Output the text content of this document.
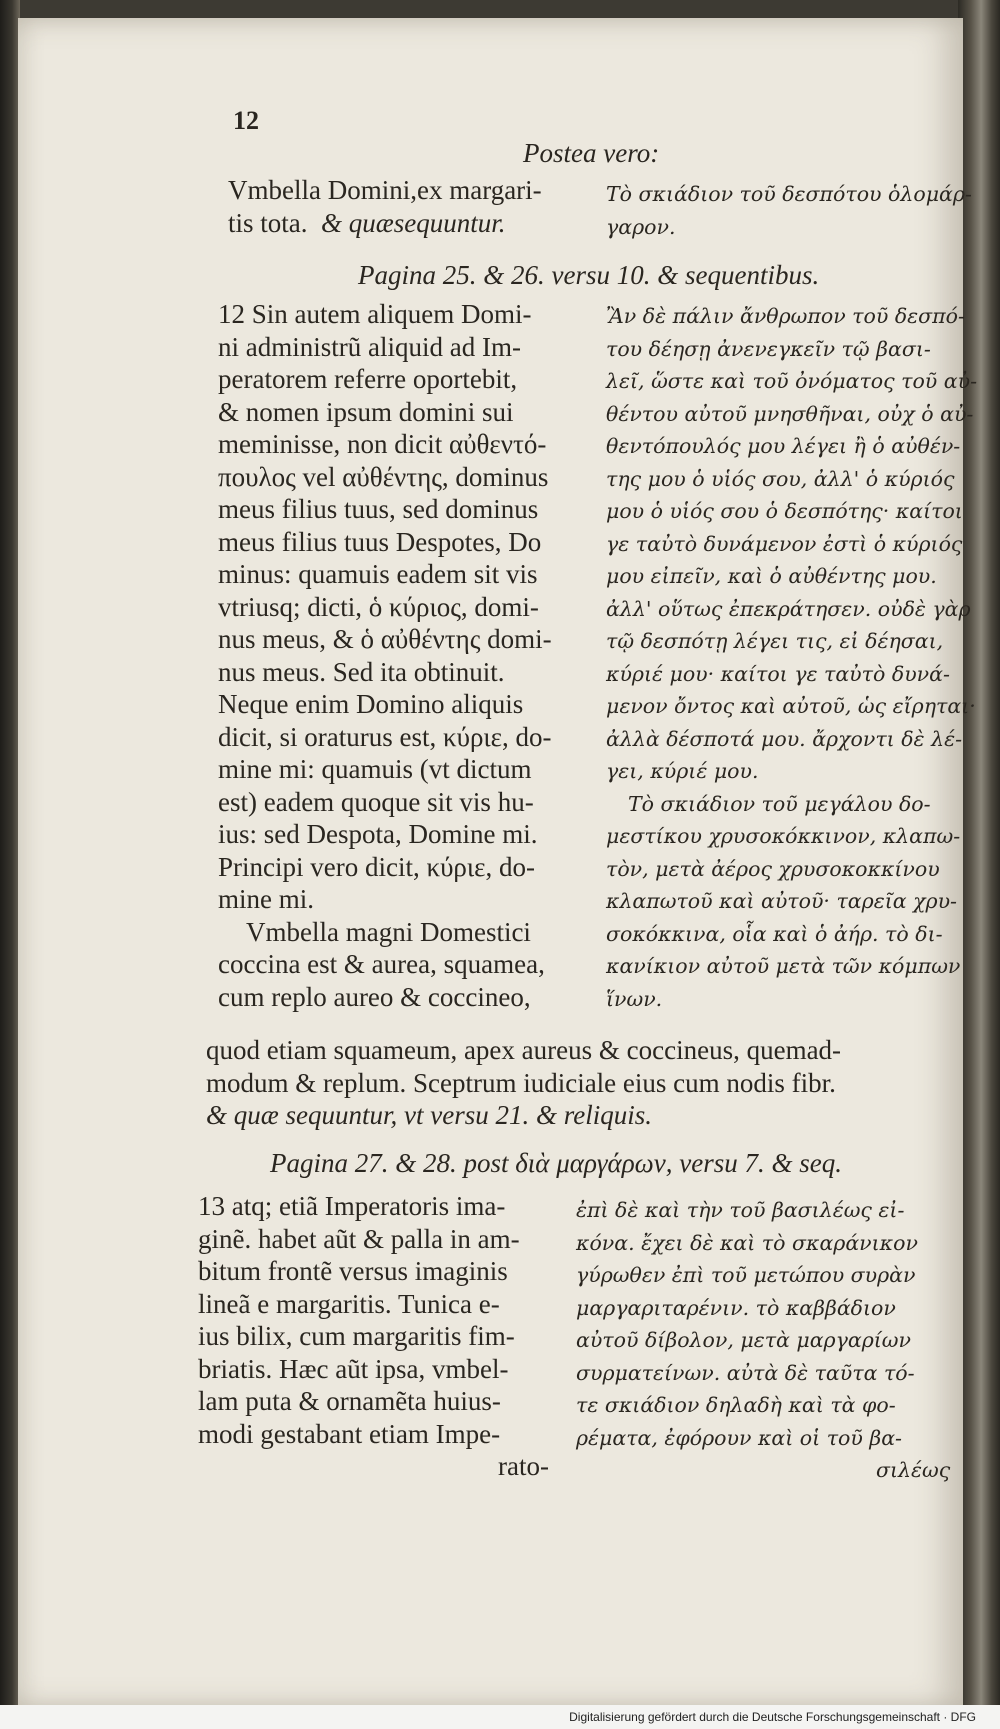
12
Postea vero:
Vmbella Domini,ex margari-
tis tota. & quæsequuntur.
Τὸ σκιάδιον τοῦ δεσπότου ὁλομάρ-
γαρον.
Pagina 25. & 26. versu 10. & sequentibus.
12 Sin autem aliquem Domi-
ni administrũ aliquid ad Im-
peratorem referre oportebit,
& nomen ipsum domini sui
meminisse, non dicit αὐθεντό-
πουλος vel αὐθέντης, dominus
meus filius tuus, sed dominus
meus filius tuus Despotes, Do
minus: quamuis eadem sit vis
vtriusq; dicti, ὁ κύριος, domi-
nus meus, & ὁ αὐθέντης domi-
nus meus. Sed ita obtinuit.
Neque enim Domino aliquis
dicit, si oraturus est, κύριε, do-
mine mi: quamuis (vt dictum
est) eadem quoque sit vis hu-
ius: sed Despota, Domine mi.
Principi vero dicit, κύριε, do-
mine mi.
Vmbella magni Domestici
coccina est & aurea, squamea,
cum replo aureo & coccineo,
Ἂν δὲ πάλιν ἄνθρωπον τοῦ δεσπό-
του δέησῃ ἀνενεγκεῖν τῷ βασι-
λεῖ, ὥστε καὶ τοῦ ὀνόματος τοῦ αὐ-
θέντου αὐτοῦ μνησθῆναι, οὐχ ὁ αὐ-
θεντόπουλός μου λέγει ἢ ὁ αὐθέν-
της μου ὁ υἱός σου, ἀλλ' ὁ κύριός
μου ὁ υἱός σου ὁ δεσπότης· καίτοι
γε ταὐτὸ δυνάμενον ἐστὶ ὁ κύριός
μου εἰπεῖν, καὶ ὁ αὐθέντης μου.
ἀλλ' οὕτως ἐπεκράτησεν. οὐδὲ γὰρ
τῷ δεσπότῃ λέγει τις, εἰ δέησαι,
κύριέ μου· καίτοι γε ταὐτὸ δυνά-
μενον ὄντος καὶ αὐτοῦ, ὡς εἴρηται·
ἀλλὰ δέσποτά μου. ἄρχοντι δὲ λέ-
γει, κύριέ μου.
Τὸ σκιάδιον τοῦ μεγάλου δο-
μεστίκου χρυσοκόκκινον, κλαπω-
τὸν, μετὰ ἀέρος χρυσοκοκκίνου
κλαπωτοῦ καὶ αὐτοῦ· ταρεῖα χρυ-
σοκόκκινα, οἷα καὶ ὁ ἀήρ. τὸ δι-
κανίκιον αὐτοῦ μετὰ τῶν κόμπων
ἵνων.
quod etiam squameum, apex aureus & coccineus, quemad-
modum & replum. Sceptrum iudiciale eius cum nodis fibr.
& quæ sequuntur, vt versu 21. & reliquis.
Pagina 27. & 28. post διὰ μαργάρων, versu 7. & seq.
13 atq; etiã Imperatoris ima-
ginẽ. habet aũt & palla in am-
bitum frontẽ versus imaginis
lineã e margaritis. Tunica e-
ius bilix, cum margaritis fim-
briatis. Hæc aũt ipsa, vmbel-
lam puta & ornamẽta huius-
modi gestabant etiam Impe-
rato-
ἐπὶ δὲ καὶ τὴν τοῦ βασιλέως εἰ-
κόνα. ἔχει δὲ καὶ τὸ σκαράνικον
γύρωθεν ἐπὶ τοῦ μετώπου συρὰν
μαργαριταρένιν. τὸ καββάδιον
αὐτοῦ δίβολον, μετὰ μαργαρίων
συρματείνων. αὐτὰ δὲ ταῦτα τό-
τε σκιάδιον δηλαδὴ καὶ τὰ φο-
ρέματα, ἐφόρουν καὶ οἱ τοῦ βα-
σιλέως
Digitalisierung gefördert durch die Deutsche Forschungsgemeinschaft · DFG
